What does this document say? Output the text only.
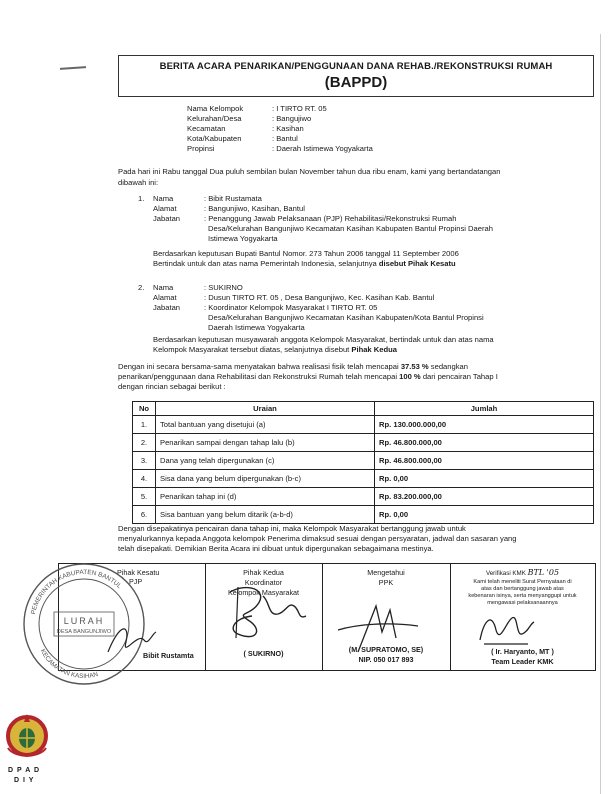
BERITA ACARA PENARIKAN/PENGGUNAAN DANA REHAB./REKONSTRUKSI RUMAH
(BAPPD)
Nama Kelompok	: I TIRTO RT. 05
Kelurahan/Desa	: Bangujiwo
Kecamatan	: Kasihan
Kota/Kabupaten	: Bantul
Propinsi	: Daerah Istimewa Yogyakarta
Pada hari ini Rabu tanggal Dua puluh sembilan bulan November tahun dua ribu enam, kami yang bertandatangan
dibawah ini:
1. Nama	: Bibit Rustamata
Alamat	: Bangunjiwo, Kasihan, Bantul
Jabatan	: Penanggung Jawab Pelaksanaan (PJP) Rehabilitasi/Rekonstruksi Rumah
Desa/Kelurahan Bangunjiwo Kecamatan Kasihan Kabupaten Bantul Propinsi Daerah
Istimewa Yogyakarta
Berdasarkan keputusan Bupati Bantul Nomor. 273 Tahun 2006 tanggal 11 September 2006
Bertindak untuk dan atas nama Pemerintah Indonesia, selanjutnya disebut Pihak Kesatu
2. Nama	: SUKIRNO
Alamat	: Dusun TIRTO RT. 05 , Desa Bangunjiwo, Kec. Kasihan Kab. Bantul
Jabatan	: Koordinator Kelompok Masyarakat I TIRTO RT. 05
Desa/Kelurahan Bangunjiwo Kecamatan Kasihan Kabupaten/Kota Bantul Propinsi
Daerah Istimewa Yogyakarta
Berdasarkan keputusan musyawarah anggota Kelompok Masyarakat, bertindak untuk dan atas nama
Kelompok Masyarakat tersebut diatas, selanjutnya disebut Pihak Kedua
Dengan ini secara bersama-sama menyatakan bahwa realisasi fisik telah mencapai 37.53 % sedangkan
penarikan/penggunaan dana Rehabilitasi dan Rekonstruksi Rumah telah mencapai 100 % dari pencairan Tahap I
dengan rincian sebagai berikut :
No	Uraian	Jumlah
1.	Total bantuan yang disetujui (a)	Rp. 130.000.000,00
2.	Penarikan sampai dengan tahap lalu (b)	Rp. 46.800.000,00
3.	Dana yang telah dipergunakan (c)	Rp. 46.800.000,00
4.	Sisa dana yang belum dipergunakan (b-c)	Rp. 0,00
5.	Penarikan tahap ini (d)	Rp. 83.200.000,00
6.	Sisa bantuan yang belum ditarik (a-b-d)	Rp. 0,00
Dengan disepakatinya pencairan dana tahap ini, maka Kelompok Masyarakat bertanggung jawab untuk
menyalurkannya kepada Anggota kelompok Penerima dimaksud sesuai dengan persyaratan, jadwal dan sasaran yang
telah disepakati. Demikian Berita Acara ini dibuat untuk dipergunakan sebagaimana mestinya.
Pihak Kesatu
PJP
Bibit Rustamta
Pihak Kedua
Koordinator
Kelompok Masyarakat
( SUKIRNO)
Mengetahui
PPK
(M. SUPRATOMO, SE)
NIP. 050 017 893
Verifikasi KMK BTL '05
Kami telah meneliti Surat Pernyataan di
atas dan bertanggung jawab atas
kebenaran isinya, serta menyanggupi untuk
mengawasi pelaksanaannya
( Ir. Haryanto, MT )
Team Leader KMK
PEMERINTAH KABUPATEN BANTUL
KECAMATAN KASIHAN
LURAH
DESA BANGUNJIWO
D P A D
D I Y
